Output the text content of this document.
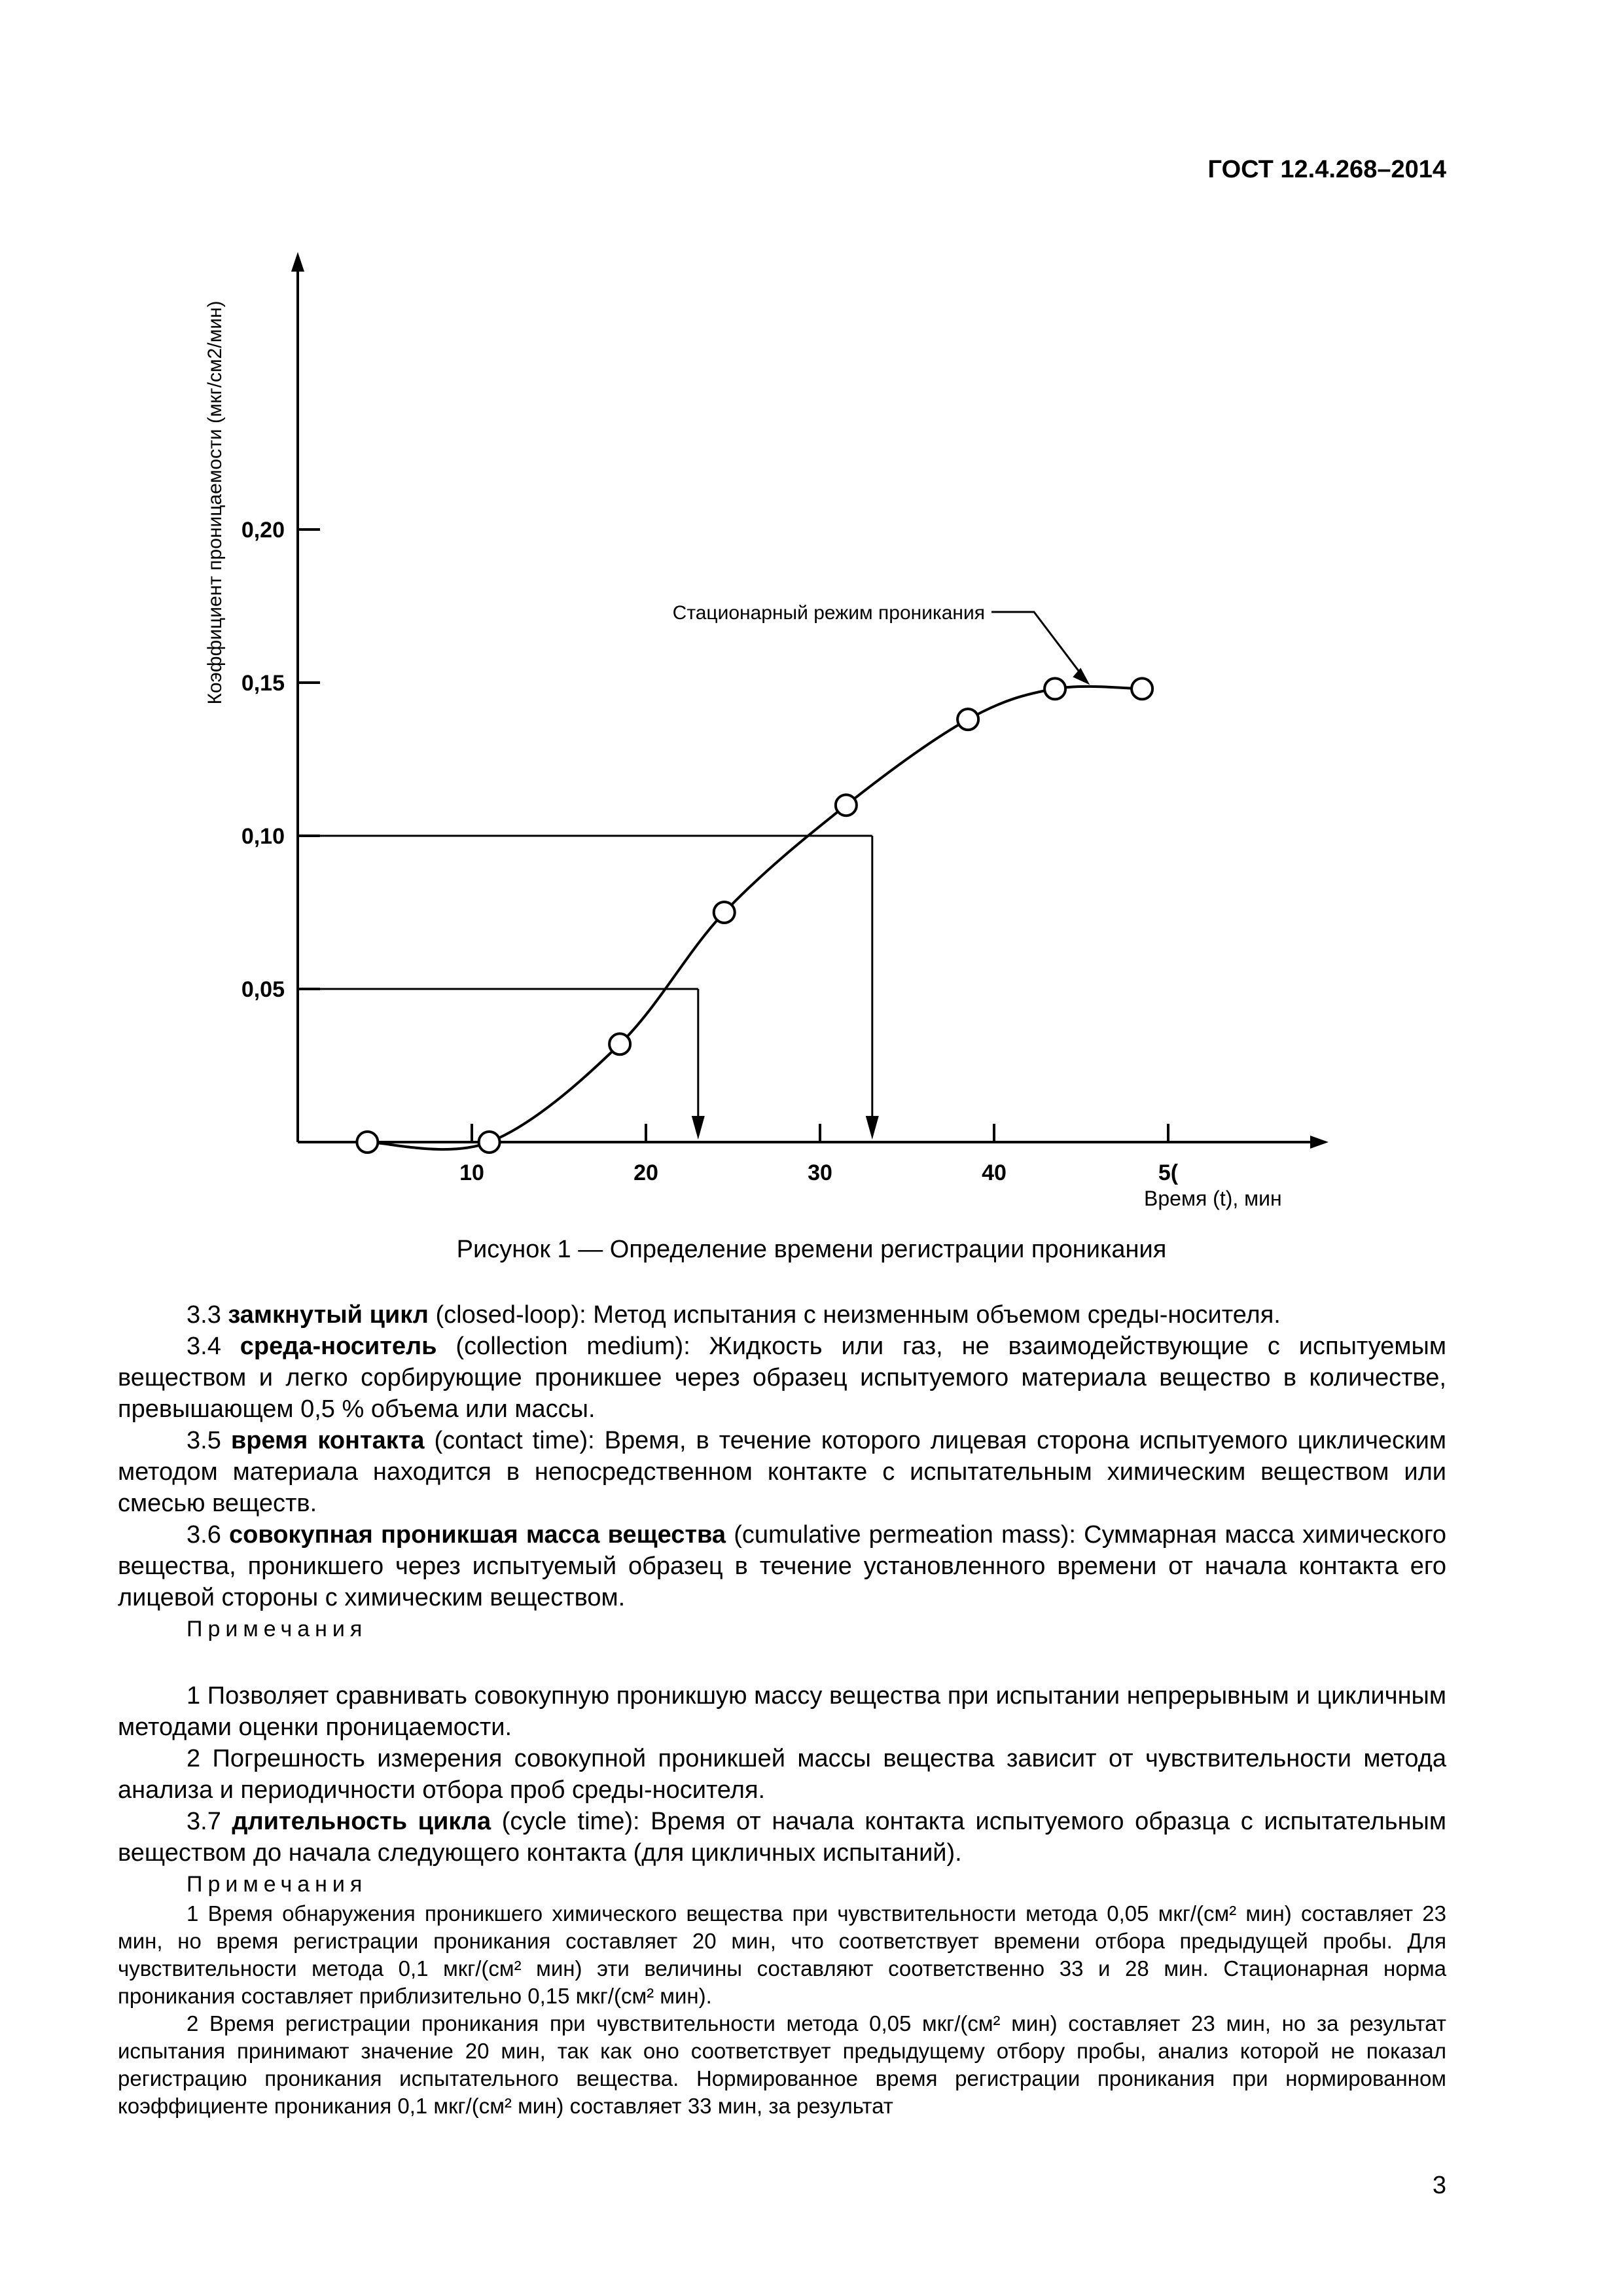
ГОСТ 12.4.268–2014
10	20	30	40	5(
0,05
0,10
0,15
0,20
Коэффициент проницаемости (мкг/см2/мин)
Время (t), мин
Стационарный режим проникания
Рисунок 1 — Определение времени регистрации проникания

3.3 замкнутый цикл (closed-loop): Метод испытания с неизменным объемом среды-носителя.

3.4 среда-носитель (collection medium): Жидкость или газ, не взаимодействующие с испытуемым веществом и легко сорбирующие проникшее через образец испытуемого материала вещество в количестве, превышающем 0,5 % объема или массы.

3.5 время контакта (contact time): Время, в течение которого лицевая сторона испытуемого циклическим методом материала находится в непосредственном контакте с испытательным химическим веществом или смесью веществ.

3.6 совокупная проникшая масса вещества (cumulative permeation mass): Суммарная масса химического вещества, проникшего через испытуемый образец в течение установленного времени от начала контакта его лицевой стороны с химическим веществом.

Примечания

1 Позволяет сравнивать совокупную проникшую массу вещества при испытании непрерывным и цикличным методами оценки проницаемости.

2 Погрешность измерения совокупной проникшей массы вещества зависит от чувствительности метода анализа и периодичности отбора проб среды-носителя.

3.7 длительность цикла (cycle time): Время от начала контакта испытуемого образца с испытательным веществом до начала следующего контакта (для цикличных испытаний).

Примечания

1 Время обнаружения проникшего химического вещества при чувствительности метода 0,05 мкг/(см² мин) составляет 23 мин, но время регистрации проникания составляет 20 мин, что соответствует времени отбора предыдущей пробы. Для чувствительности метода 0,1 мкг/(см² мин) эти величины составляют соответственно 33 и 28 мин. Стационарная норма проникания составляет приблизительно 0,15 мкг/(см² мин).

2 Время регистрации проникания при чувствительности метода 0,05 мкг/(см² мин) составляет 23 мин, но за результат испытания принимают значение 20 мин, так как оно соответствует предыдущему отбору пробы, анализ которой не показал регистрацию проникания испытательного вещества. Нормированное время регистрации проникания при нормированном коэффициенте проникания 0,1 мкг/(см² мин) составляет 33 мин, за результат

3
